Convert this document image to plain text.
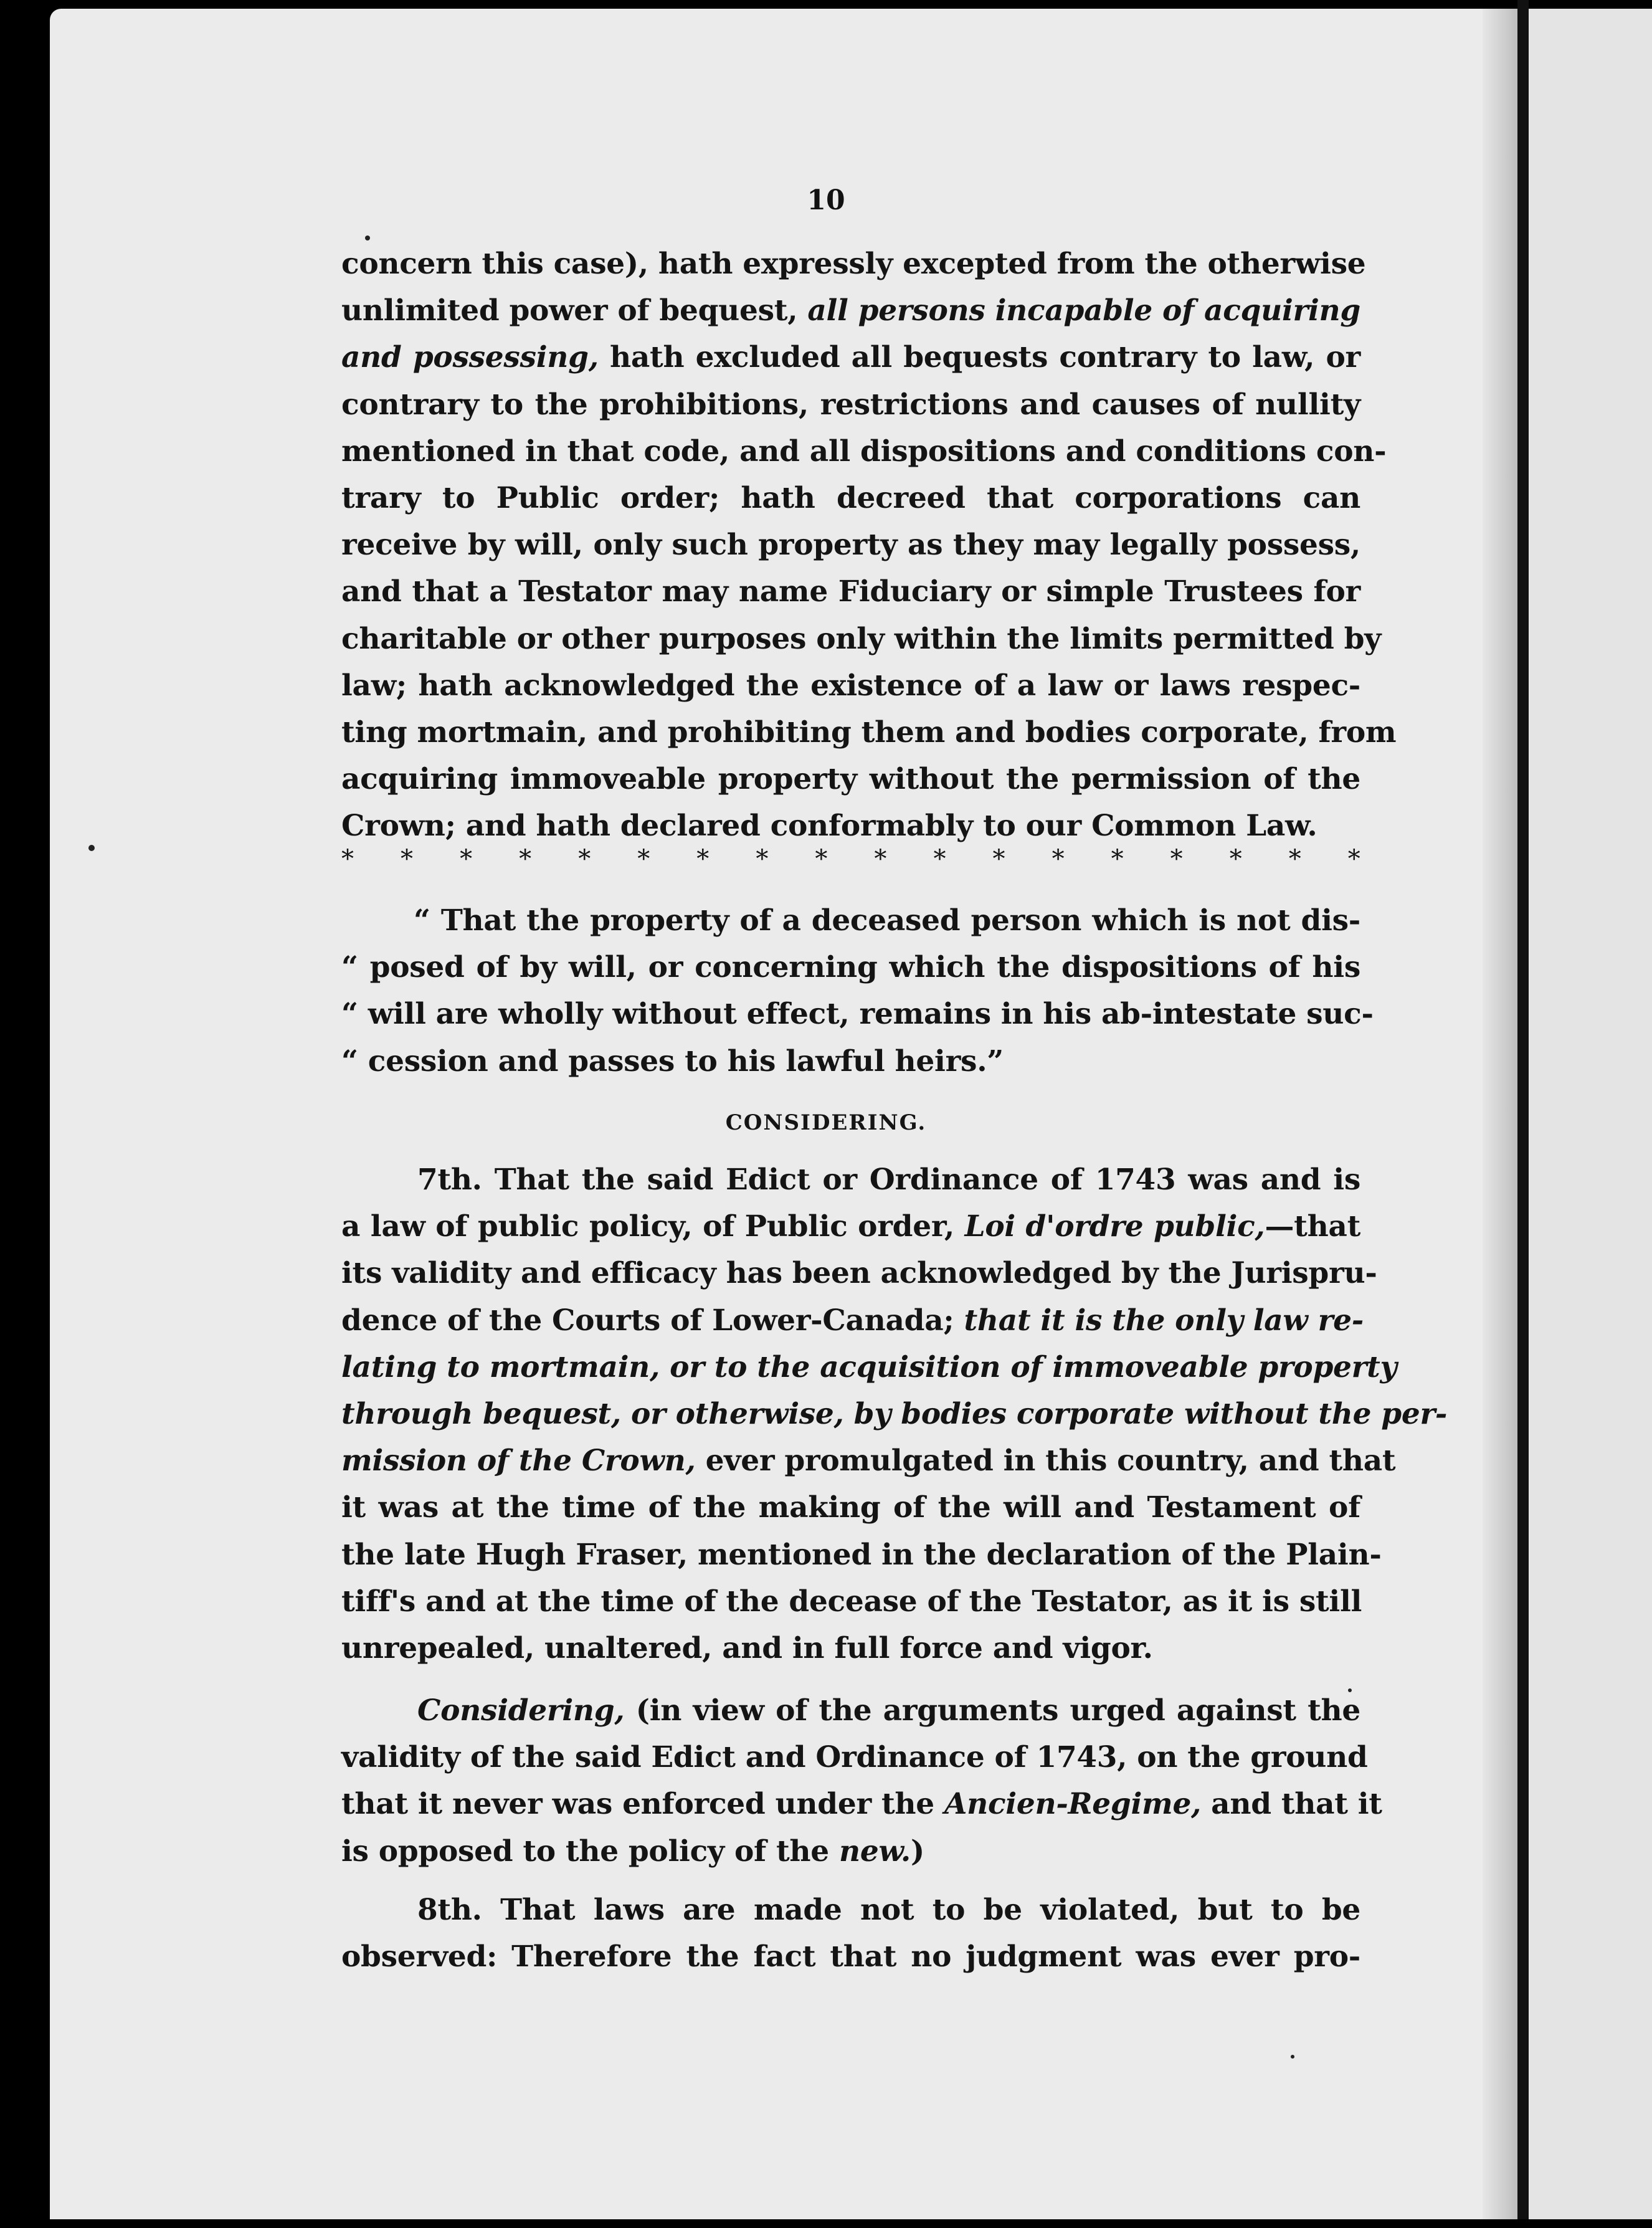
10
concern this case), hath expressly excepted from the otherwise
unlimited power of bequest, all persons incapable of acquiring
and possessing, hath excluded all bequests contrary to law, or
contrary to the prohibitions, restrictions and causes of nullity
mentioned in that code, and all dispositions and conditions con-
trary to Public order; hath decreed that corporations can
receive by will, only such property as they may legally possess,
and that a Testator may name Fiduciary or simple Trustees for
charitable or other purposes only within the limits permitted by
law; hath acknowledged the existence of a law or laws respec-
ting mortmain, and prohibiting them and bodies corporate, from
acquiring immoveable property without the permission of the
Crown; and hath declared conformably to our Common Law.
* * * * * * * * * * * * * * * * * *
“ That the property of a deceased person which is not dis-
“ posed of by will, or concerning which the dispositions of his
“ will are wholly without effect, remains in his ab-intestate suc-
“ cession and passes to his lawful heirs.”
CONSIDERING.
7th. That the said Edict or Ordinance of 1743 was and is
a law of public policy, of Public order, Loi d'ordre public,—that
its validity and efficacy has been acknowledged by the Jurispru-
dence of the Courts of Lower-Canada; that it is the only law re-
lating to mortmain, or to the acquisition of immoveable property
through bequest, or otherwise, by bodies corporate without the per-
mission of the Crown, ever promulgated in this country, and that
it was at the time of the making of the will and Testament of
the late Hugh Fraser, mentioned in the declaration of the Plain-
tiff's and at the time of the decease of the Testator, as it is still
unrepealed, unaltered, and in full force and vigor.
Considering, (in view of the arguments urged against the
validity of the said Edict and Ordinance of 1743, on the ground
that it never was enforced under the Ancien-Regime, and that it
is opposed to the policy of the new.)
8th. That laws are made not to be violated, but to be
observed: Therefore the fact that no judgment was ever pro-
